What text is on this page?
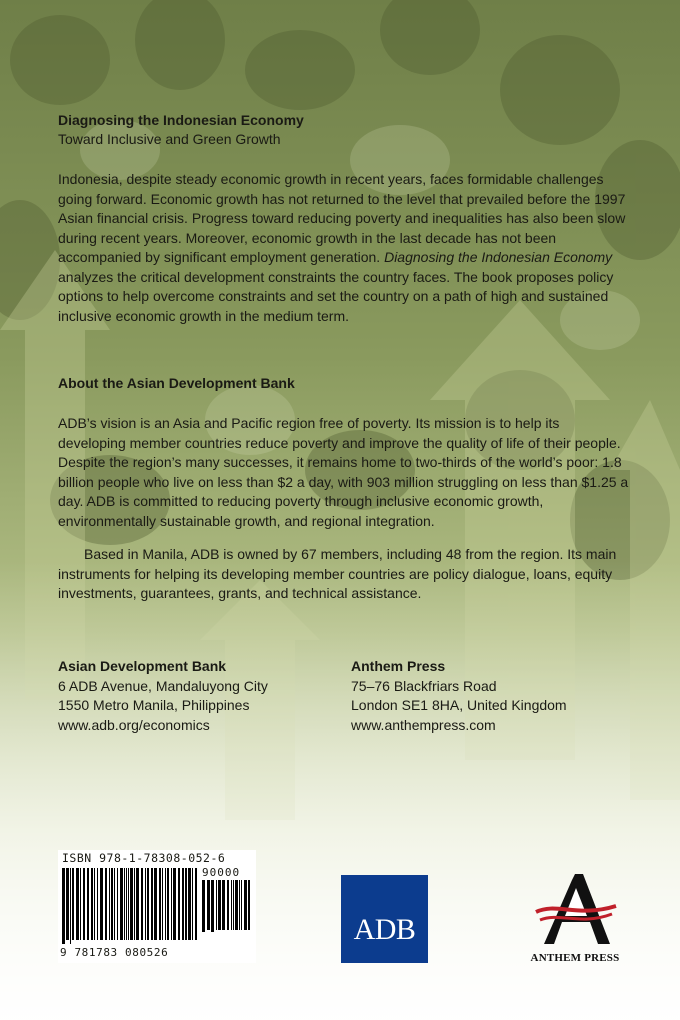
Diagnosing the Indonesian Economy
Toward Inclusive and Green Growth

Indonesia, despite steady economic growth in recent years, faces formidable challenges going forward. Economic growth has not returned to the level that prevailed before the 1997 Asian financial crisis. Progress toward reducing poverty and inequalities has also been slow during recent years. Moreover, economic growth in the last decade has not been accompanied by significant employment generation. Diagnosing the Indonesian Economy analyzes the critical development constraints the country faces. The book proposes policy options to help overcome constraints and set the country on a path of high and sustained inclusive economic growth in the medium term.

About the Asian Development Bank

ADB’s vision is an Asia and Pacific region free of poverty. Its mission is to help its developing member countries reduce poverty and improve the quality of life of their people. Despite the region’s many successes, it remains home to two-thirds of the world’s poor: 1.8 billion people who live on less than $2 a day, with 903 million struggling on less than $1.25 a day. ADB is committed to reducing poverty through inclusive economic growth, environmentally sustainable growth, and regional integration.

Based in Manila, ADB is owned by 67 members, including 48 from the region. Its main instruments for helping its developing member countries are policy dialogue, loans, equity investments, guarantees, grants, and technical assistance.

Asian Development Bank
6 ADB Avenue, Mandaluyong City
1550 Metro Manila, Philippines
www.adb.org/economics
Anthem Press
75–76 Blackfriars Road
London SE1 8HA, United Kingdom
www.anthempress.com
ISBN 978-1-78308-052-6
90000
9 781783 080526
ADB
ANTHEM PRESS
